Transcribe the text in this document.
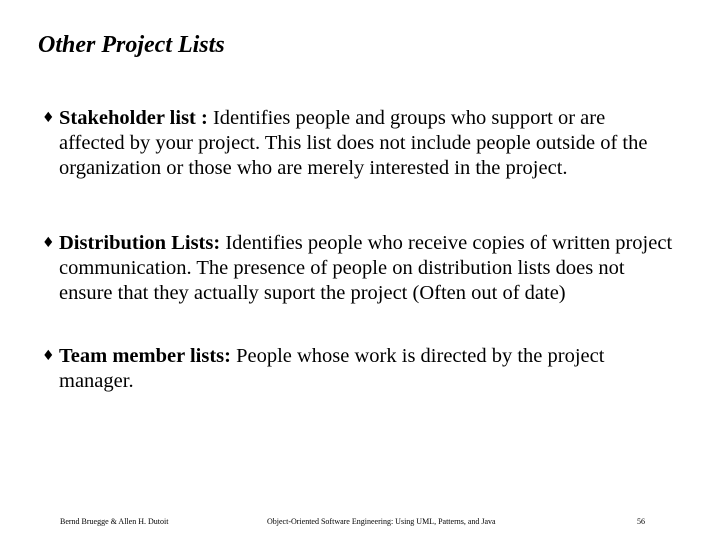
Other Project Lists
♦ Stakeholder list : Identifies people and groups who support or are affected by your project. This list does not include people outside of the organization or those who are merely interested in the project.
♦ Distribution Lists: Identifies people who receive copies of written project communication. The presence of people on distribution lists does not ensure that they actually suport the project (Often out of date)
♦ Team member lists: People whose work is directed by the project manager.
Bernd Bruegge & Allen H. Dutoit	Object-Oriented Software Engineering: Using UML, Patterns, and Java	56
